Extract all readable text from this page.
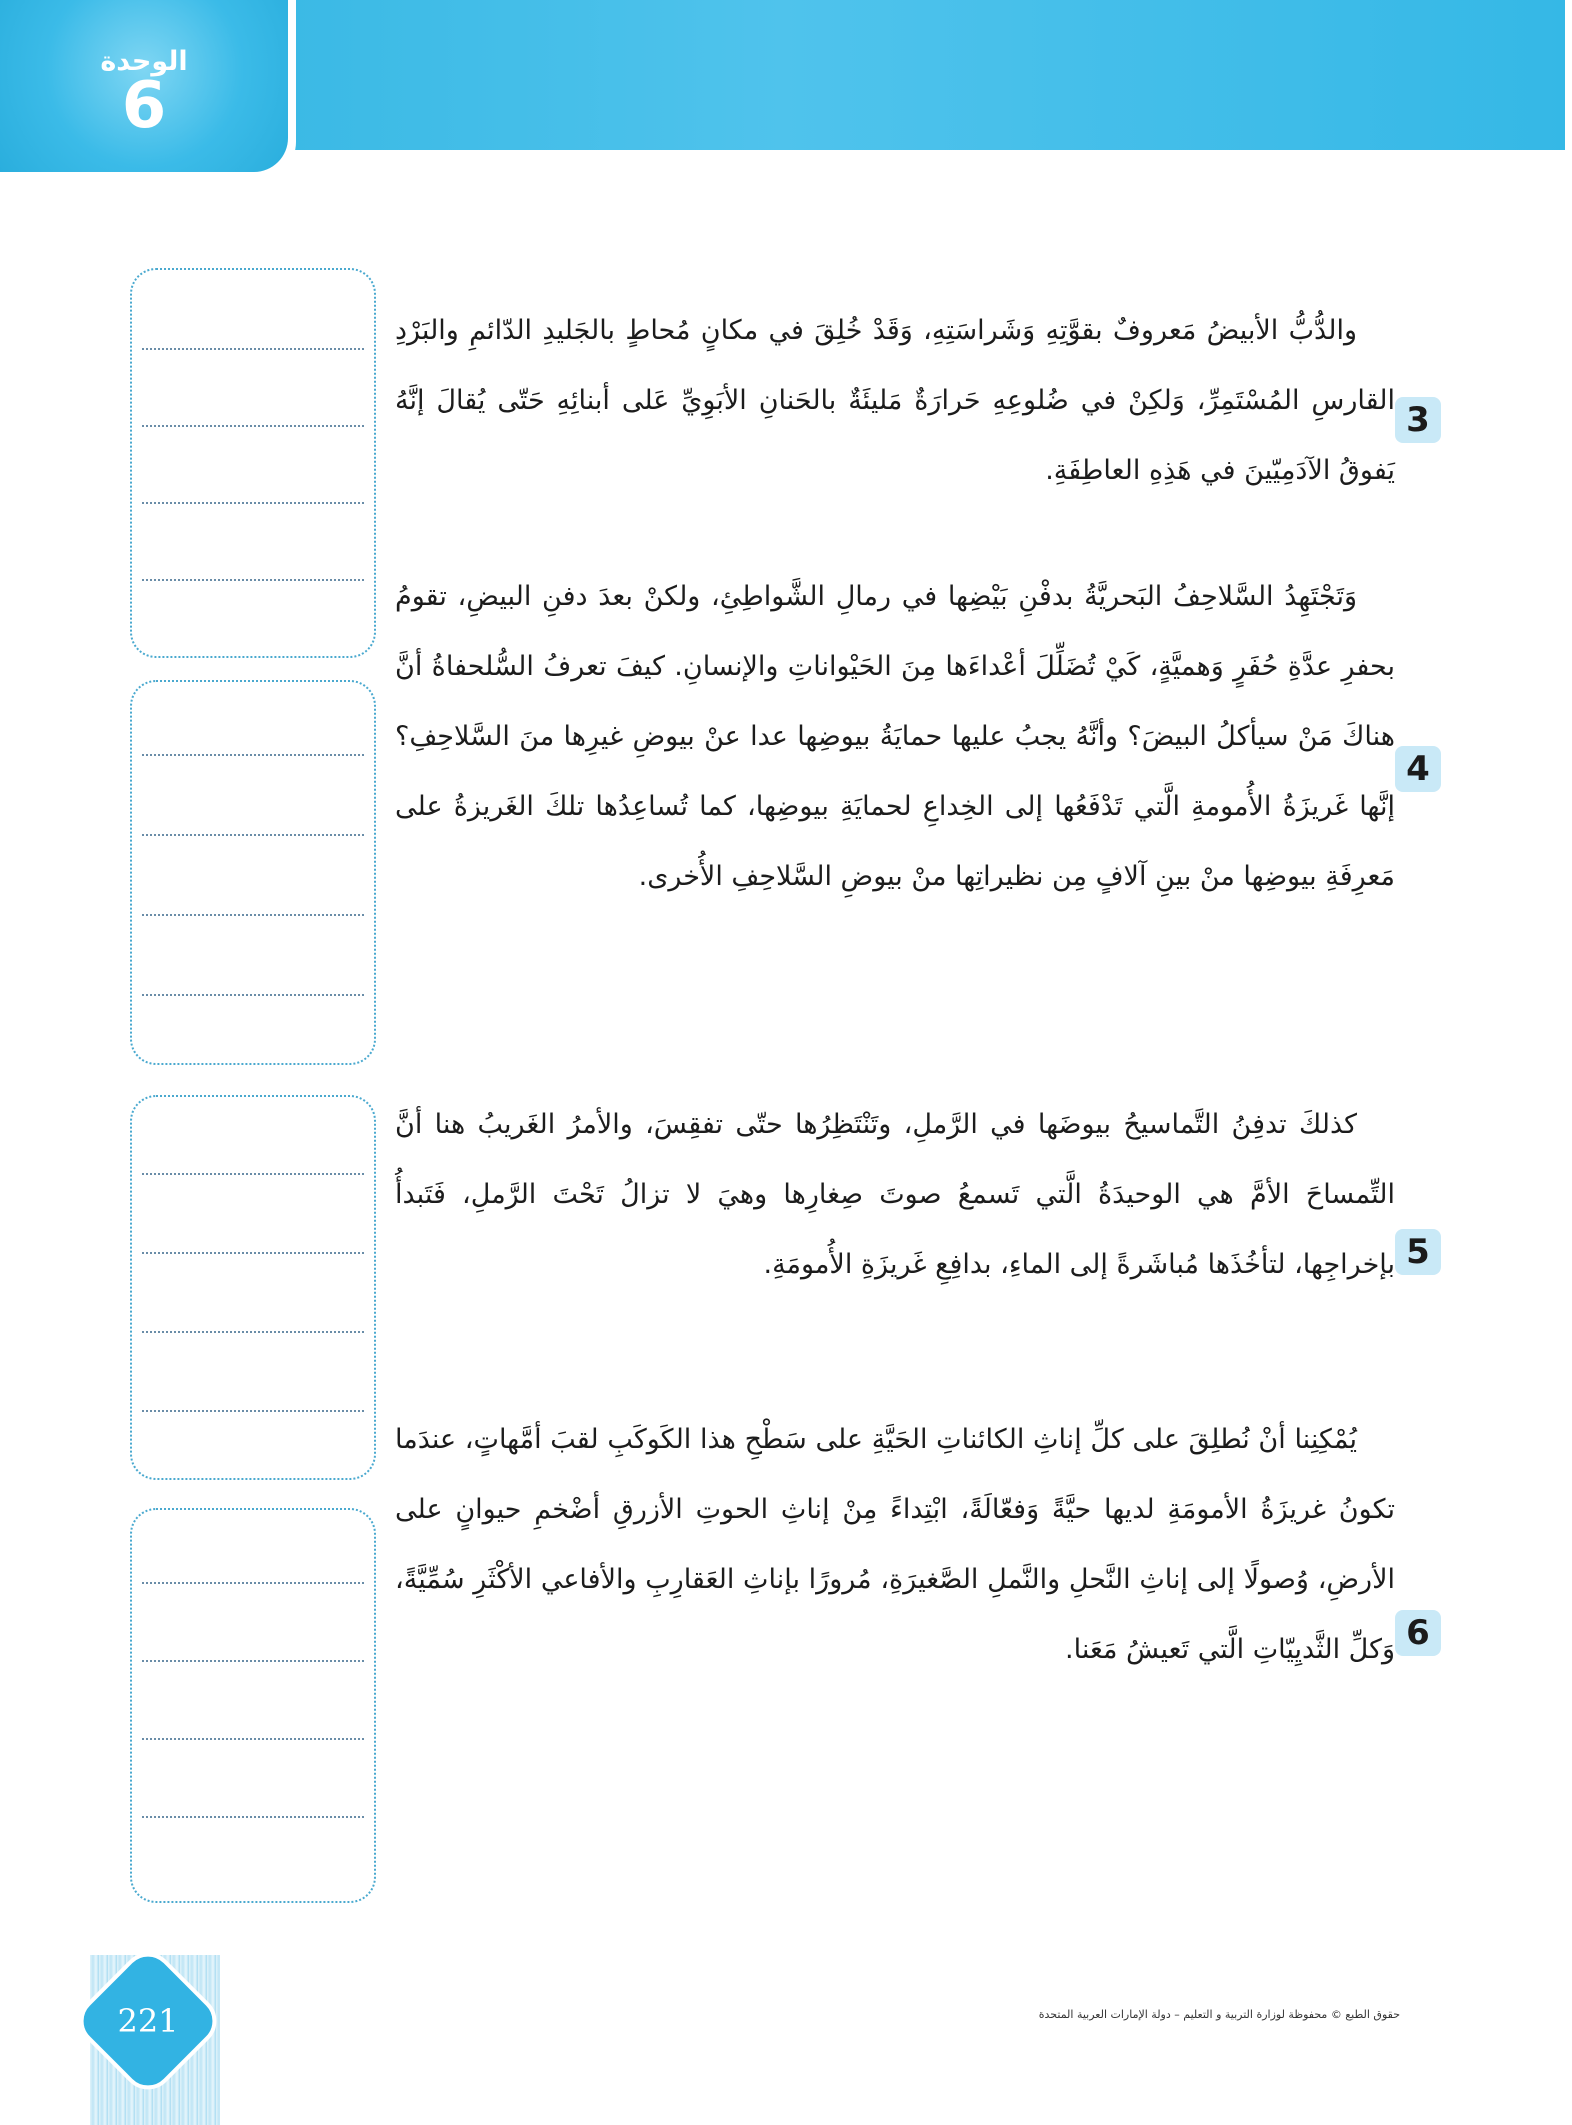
الوحدة
6

والدُّبُّ الأبيضُ مَعروفٌ بقوَّتِهِ وَشَراسَتِهِ، وَقَدْ خُلِقَ في مكانٍ مُحاطٍ بالجَليدِ الدّائمِ والبَرْدِ القارسِ المُسْتَمِرِّ، وَلكِنْ في ضُلوعِهِ حَرارَةٌ مَليئَةٌ بالحَنانِ الأبَوِيِّ عَلى أبنائِهِ حَتّى يُقالَ إنَّهُ يَفوقُ الآدَمِيّينَ في هَذِهِ العاطِفَةِ.

3

وَتَجْتَهِدُ السَّلاحِفُ البَحريَّةُ بدفْنِ بَيْضِها في رمالِ الشَّواطِئِ، ولكنْ بعدَ دفنِ البيضِ، تقومُ بحفرِ عدَّةِ حُفَرٍ وَهميَّةٍ، كَيْ تُضَلِّلَ أعْداءَها مِنَ الحَيْواناتِ والإنسانِ. كيفَ تعرفُ السُّلحفاةُ أنَّ هناكَ مَنْ سيأكلُ البيضَ؟ وأنَّهُ يجبُ عليها حمايَةُ بيوضِها عدا عنْ بيوضِ غيرِها منَ السَّلاحِفِ؟ إنَّها غَريزَةُ الأُمومةِ الَّتي تَدْفَعُها إلى الخِداعِ لحمايَةِ بيوضِها، كما تُساعِدُها تلكَ الغَريزةُ على مَعرِفَةِ بيوضِها منْ بينِ آلافٍ مِن نظيراتِها منْ بيوضِ السَّلاحِفِ الأُخرى.

4

كذلكَ تدفِنُ التَّماسيحُ بيوضَها في الرَّملِ، وتَنْتَظِرُها حتّى تفقِسَ، والأمرُ الغَريبُ هنا أنَّ التِّمساحَ الأمَّ هي الوحيدَةُ الَّتي تَسمعُ صوتَ صِغارِها وهيَ لا تزالُ تَحْتَ الرَّملِ، فَتَبدأُ بإخراجِها، لتأخُذَها مُباشَرةً إلى الماءِ، بدافِعِ غَريزَةِ الأُمومَةِ. 5

يُمْكِنِنا أنْ نُطلِقَ على كلِّ إناثِ الكائناتِ الحَيَّةِ على سَطْحِ هذا الكَوكَبِ لقبَ أمَّهاتٍ، عندَما تكونُ غريزَةُ الأمومَةِ لديها حيَّةً وَفعّالَةً، ابْتِداءً مِنْ إناثِ الحوتِ الأزرقِ أضْخمِ حيوانٍ على الأرضِ، وُصولًا إلى إناثِ النَّحلِ والنَّملِ الصَّغيرَةِ، مُرورًا بإناثِ العَقارِبِ والأفاعي الأكْثَرِ سُمِّيَّةً، وَكلِّ الثَّديِيّاتِ الَّتي تَعيشُ مَعَنا. 6
221	حقوق الطبع © محفوظة لوزارة التربية و التعليم – دولة الإمارات العربية المتحدة
